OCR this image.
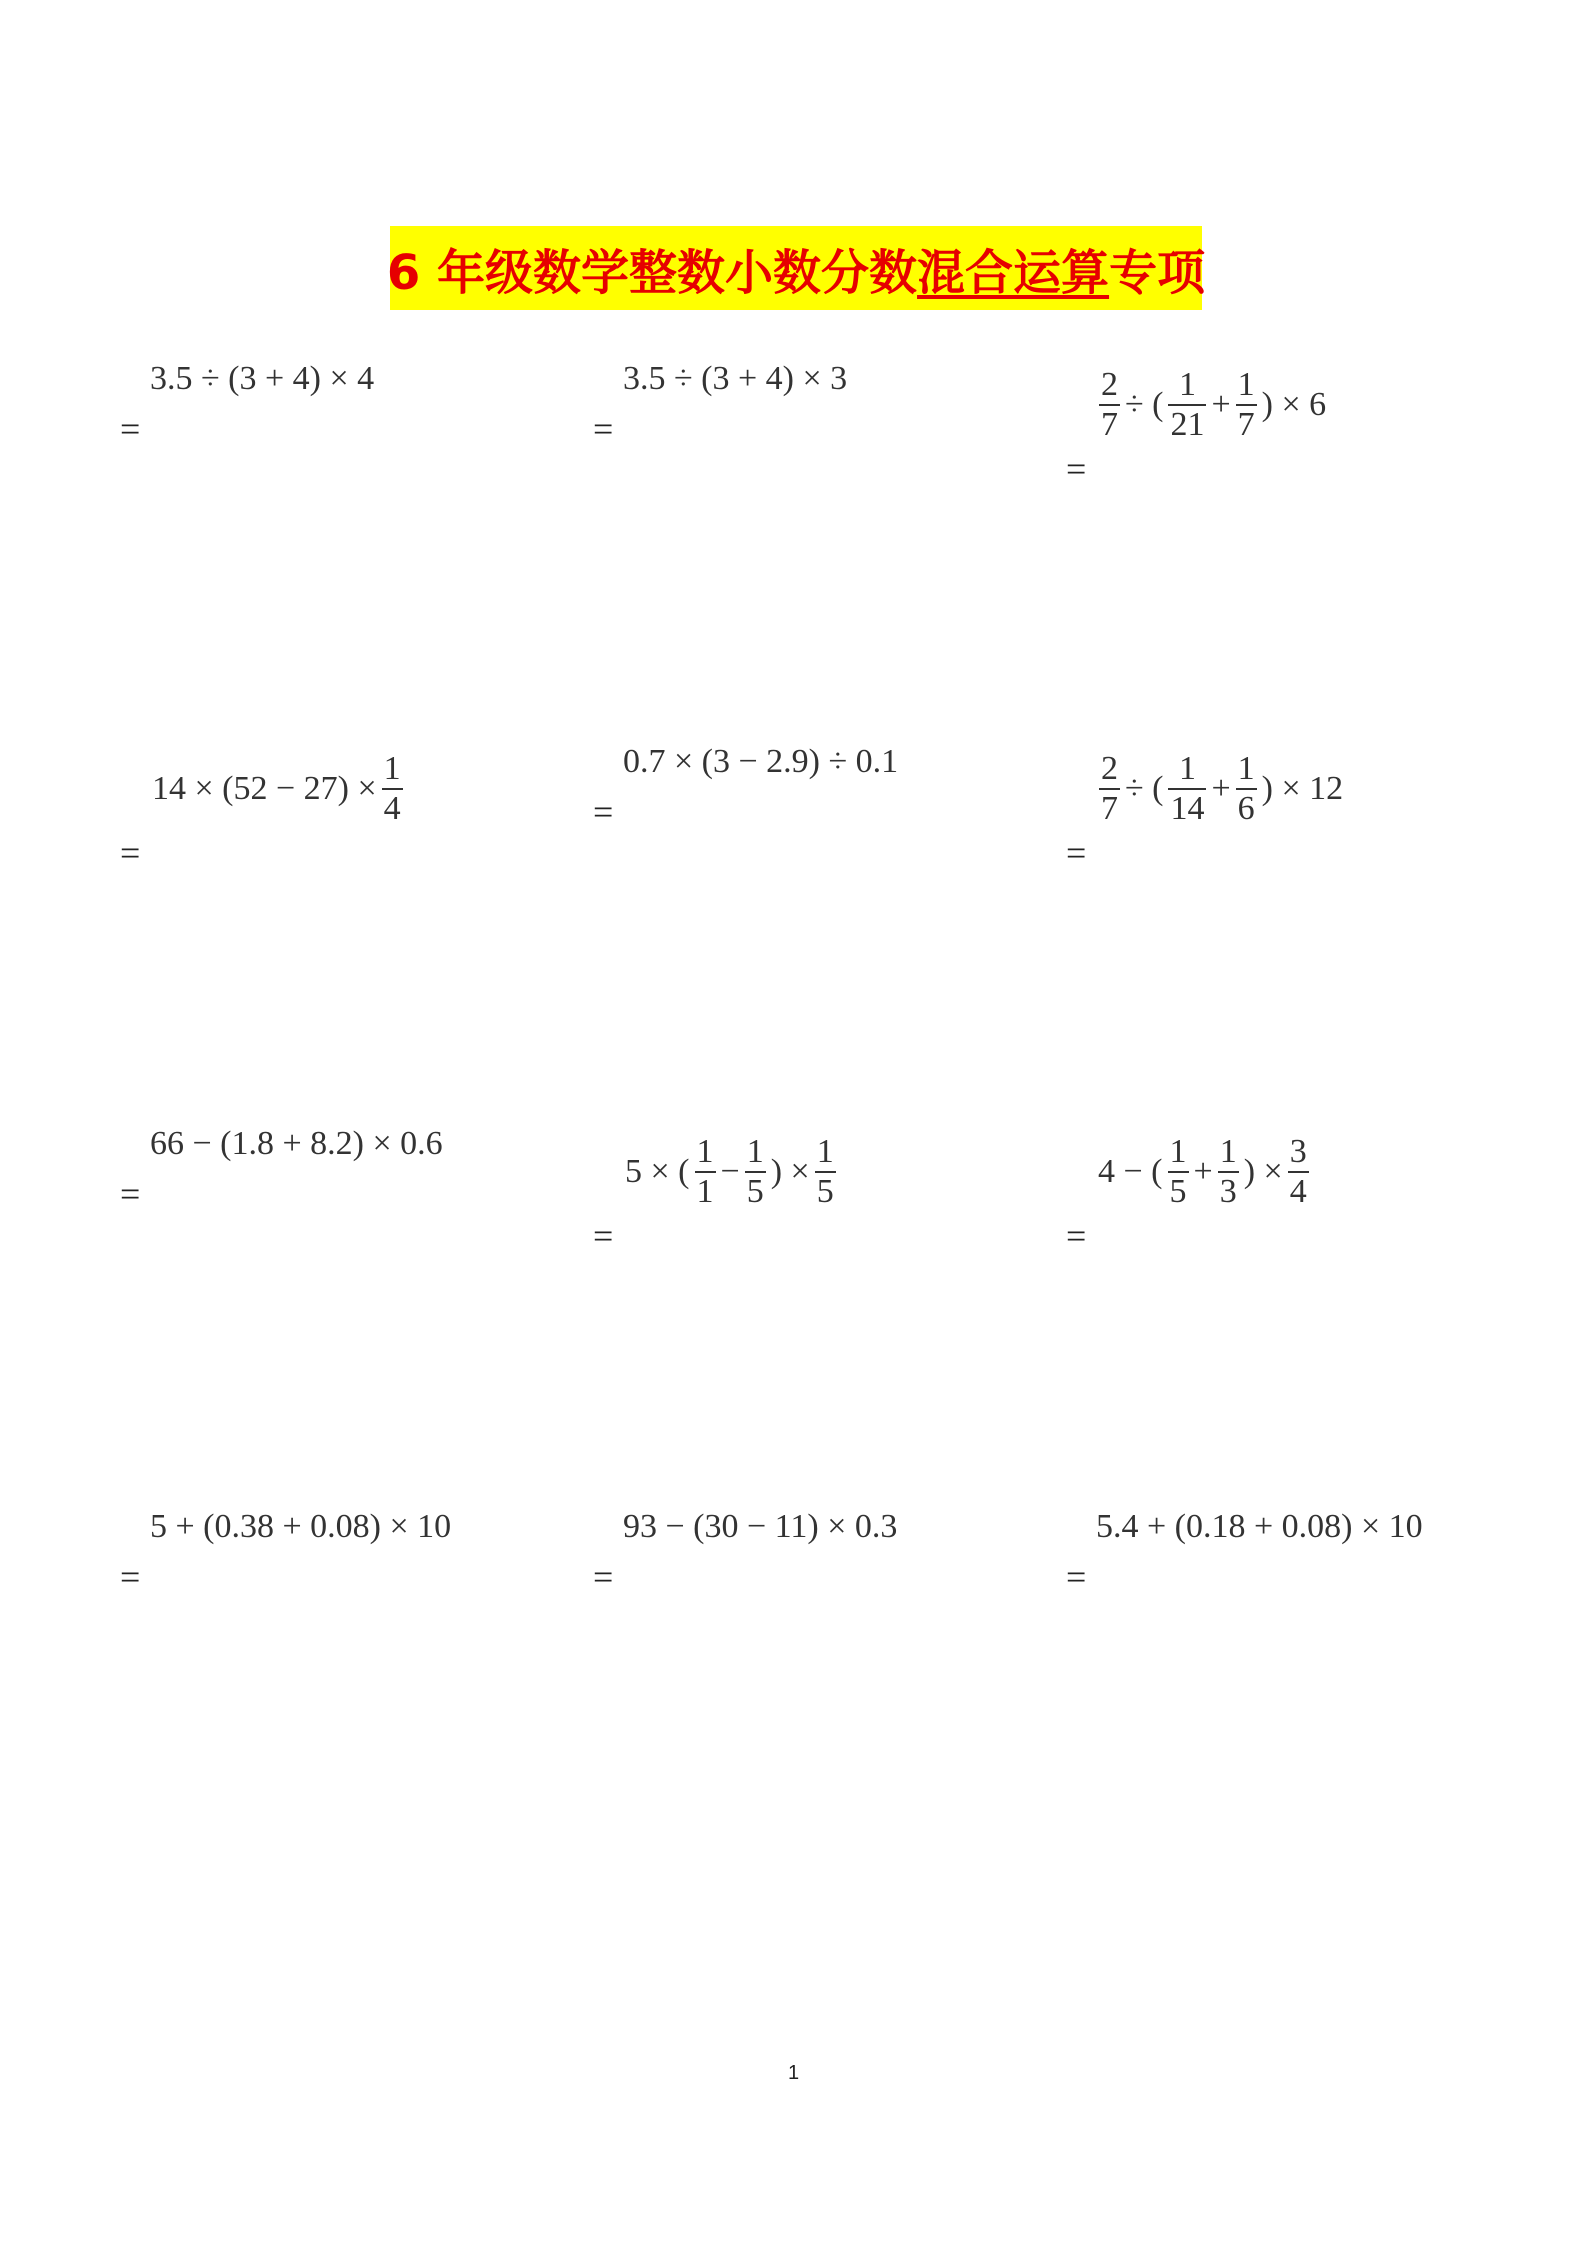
6 年级数学整数小数分数混合运算专项
3.5 ÷ (3 + 4) × 4
=
3.5 ÷ (3 + 4) × 3
=	$\frac{2}{7}$ ÷ ( $\frac{1}{21} + \frac{1}{7}$ ) × 6
=
$14 \times (52 - 27) \times \frac{1}{4}$
=
0.7 × (3 − 2.9) ÷ 0.1
=	$\frac{2}{7}$ ÷ ( $\frac{1}{14} + \frac{1}{6}$ ) × 12
=
66 − (1.8 + 8.2) × 0.6
=
5 × ( $\frac{1}{1} - \frac{1}{5}$ ) × $\frac{1}{5}$
=
4 − ( $\frac{1}{5} + \frac{1}{3}$ ) × $\frac{3}{4}$
=
5 + (0.38 + 0.08) × 10
=
93 − (30 − 11) × 0.3
=
5.4 + (0.18 + 0.08) × 10
=
1
